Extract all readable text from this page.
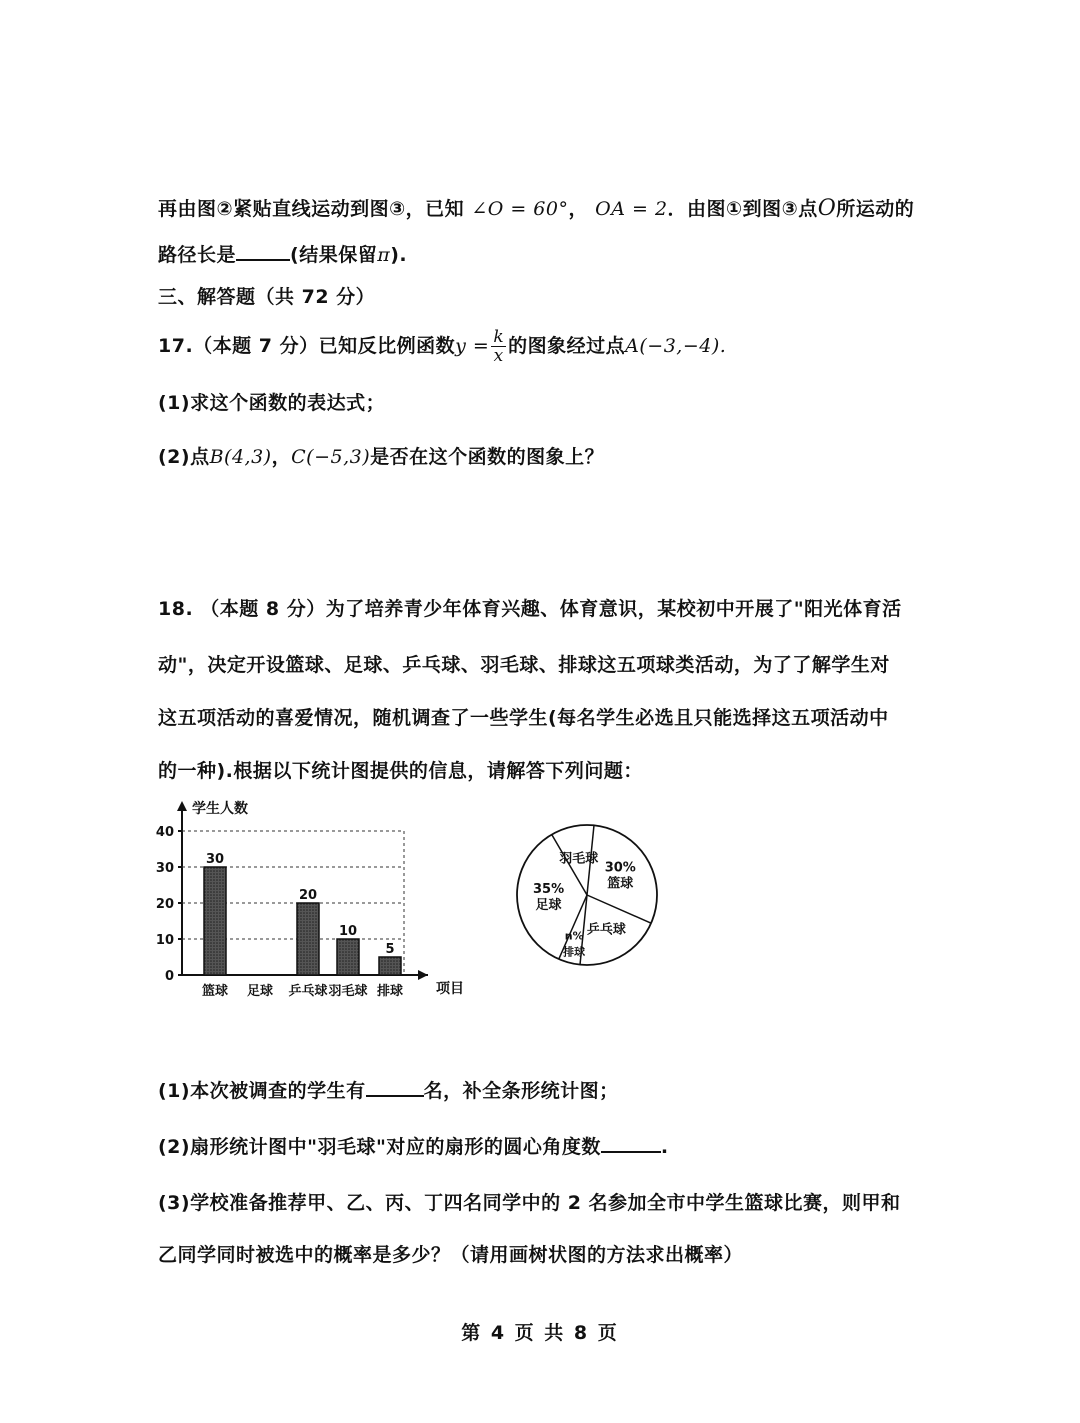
再由图②紧贴直线运动到图③，已知 ∠O = 60°， OA = 2．由图①到图③点O所运动的
路径长是	(结果保留π).
三、解答题（共 72 分）
17.（本题 7 分）已知反比例函数$y = \frac{k}{x}$ 的图象经过点A(−3,−4).
(1)求这个函数的表达式；
(2)点B(4,3)，C(−5,3)是否在这个函数的图象上？
18. （本题 8 分）为了培养青少年体育兴趣、体育意识，某校初中开展了"阳光体育活
动"，决定开设篮球、足球、乒乓球、羽毛球、排球这五项球类活动，为了了解学生对
这五项活动的喜爱情况，随机调查了一些学生(每名学生必选且只能选择这五项活动中
的一种).根据以下统计图提供的信息，请解答下列问题：
学生人数
项目
0
10
20
30
40
篮球
30
足球 乒乓球
20
羽毛球
10
排球
5
30%
篮球
乒乓球
n%
排球
35%
足球
羽毛球
(1)本次被调查的学生有	名，补全条形统计图；
(2)扇形统计图中"羽毛球"对应的扇形的圆心角度数	.
(3)学校准备推荐甲、乙、丙、丁四名同学中的 2 名参加全市中学生篮球比赛，则甲和
乙同学同时被选中的概率是多少？（请用画树状图的方法求出概率）
第 4 页 共 8 页
